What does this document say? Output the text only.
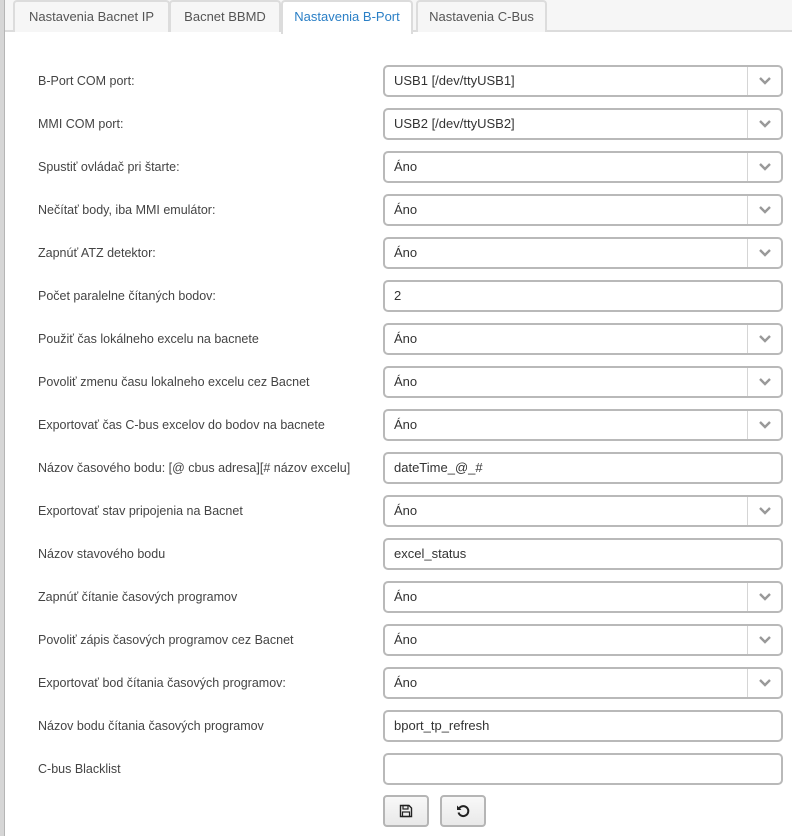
Nastavenia Bacnet IP	Bacnet BBMD	Nastavenia B-Port	Nastavenia C-Bus
B-Port COM port:	USB1 [/dev/ttyUSB1]
MMI COM port:	USB2 [/dev/ttyUSB2]
Spustiť ovládač pri štarte:	Áno
Nečítať body, iba MMI emulátor:	Áno
Zapnúť ATZ detektor:	Áno
Počet paralelne čítaných bodov:	2
Použiť čas lokálneho excelu na bacnete	Áno
Povoliť zmenu času lokalneho excelu cez Bacnet	Áno
Exportovať čas C-bus excelov do bodov na bacnete	Áno
Názov časového bodu: [@ cbus adresa][# názov excelu]	dateTime_@_#
Exportovať stav pripojenia na Bacnet	Áno
Názov stavového bodu	excel_status
Zapnúť čítanie časových programov	Áno
Povoliť zápis časových programov cez Bacnet	Áno
Exportovať bod čítania časových programov:	Áno
Názov bodu čítania časových programov	bport_tp_refresh
C-bus Blacklist
